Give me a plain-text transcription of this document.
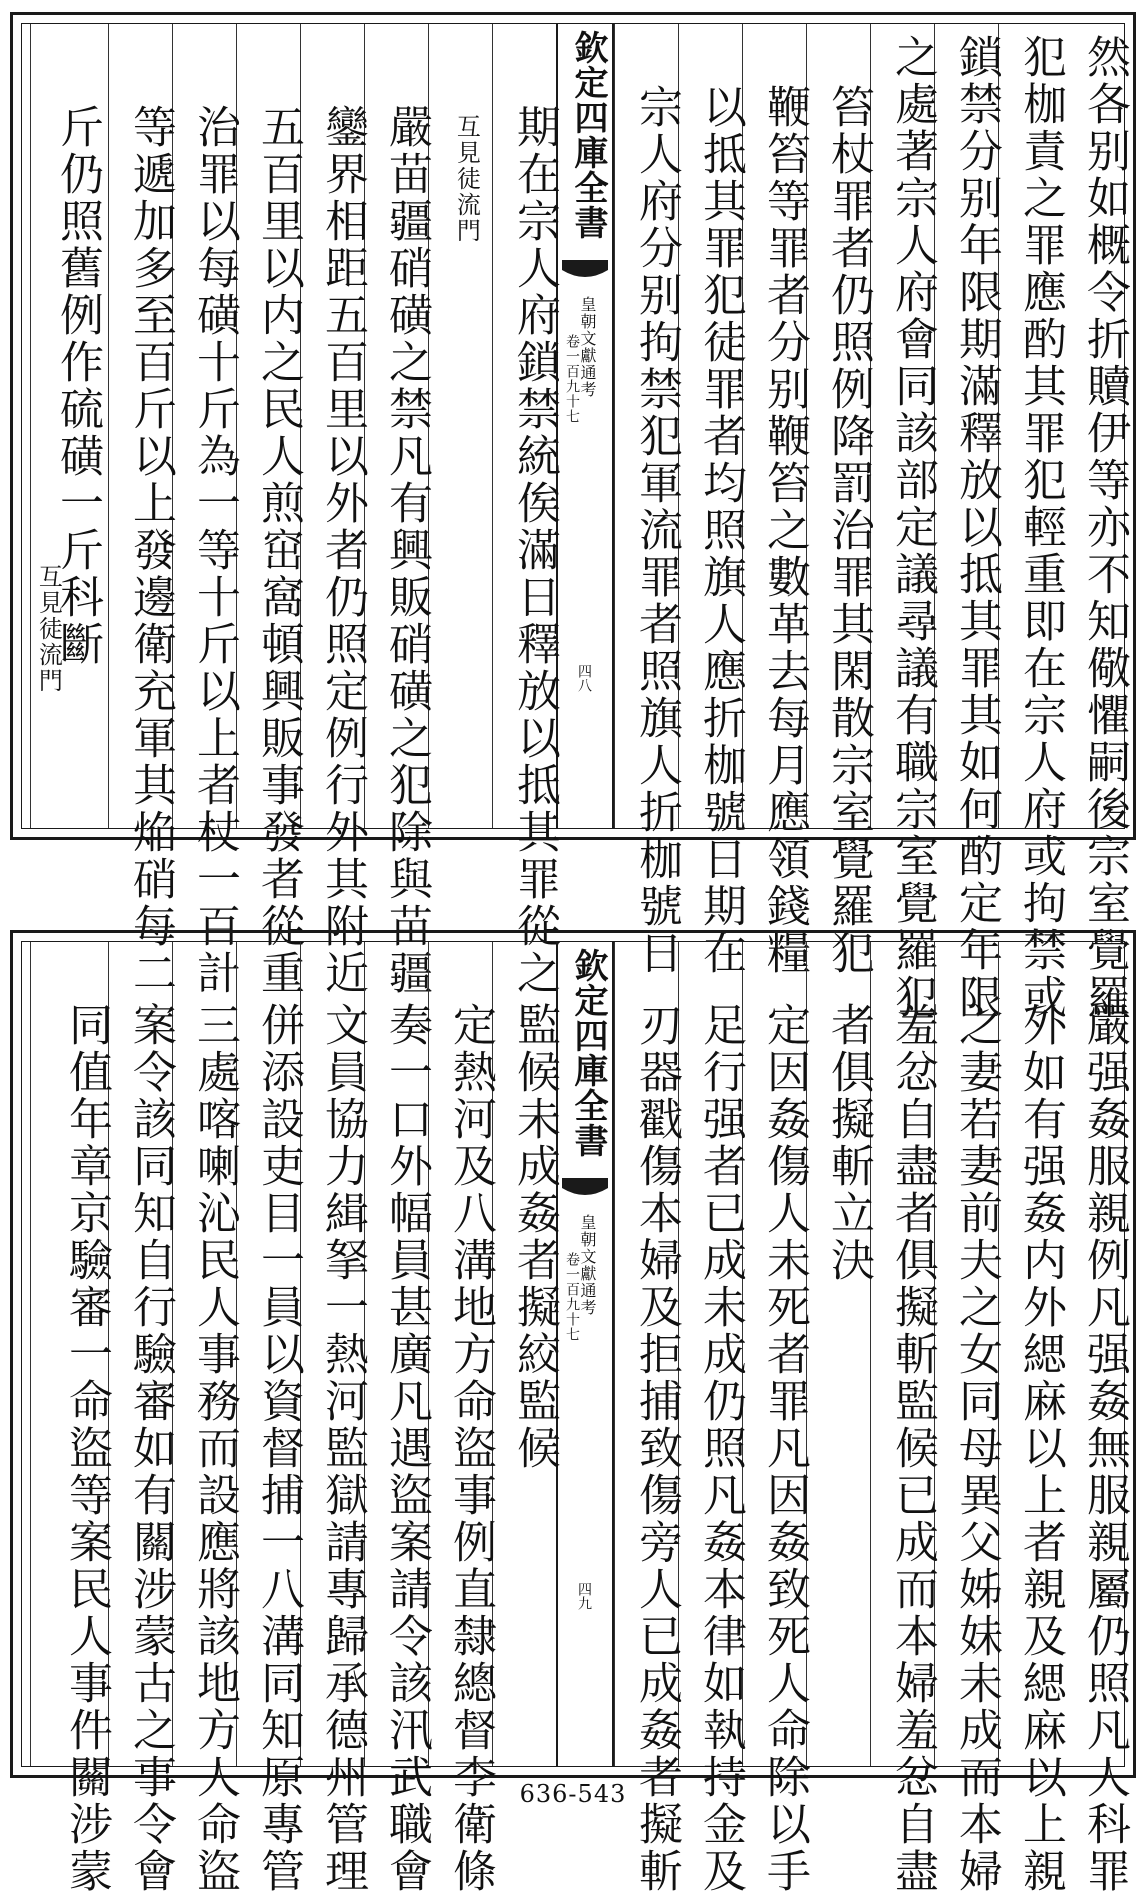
然各别如概令折贖伊等亦不知儆懼嗣後宗室覺羅
犯枷責之罪應酌其罪犯輕重即在宗人府或拘禁或
鎖禁分别年限期滿釋放以抵其罪其如何酌定年限
之處著宗人府會同該部定議尋議有職宗室覺羅犯
笞杖罪者仍照例降罰治罪其閑散宗室覺羅犯
鞭笞等罪者分别鞭笞之數革去每月應領錢糧
以抵其罪犯徒罪者均照旗人應折枷號日期在
宗人府分别拘禁犯軍流罪者照旗人折枷號日
欽定四庫全書
皇朝文獻通考
卷一百九十七
四八
期在宗人府鎖禁統俟滿日釋放以抵其罪從之
互見徒流門
嚴苗疆硝磺之禁凡有興販硝磺之犯除與苗疆
鑾界相距五百里以外者仍照定例行外其附近
五百里以内之民人煎窋窩頓興販事發者從重
治罪以每磺十斤為一等十斤以上者杖一百計
等遞加多至百斤以上發邊衛充軍其焔硝每二
斤仍照舊例作硫磺一斤科斷
互見徒流門
嚴强姦服親例凡强姦無服親屬仍照凡人科罪
外如有强姦内外緦麻以上者親及緦麻以上親
之妻若妻前夫之女同母異父姊妹未成而本婦
羞忿自盡者俱擬斬監候已成而本婦羞忿自盡
者俱擬斬立決
定因姦傷人未死者罪凡因姦致死人命除以手
足行强者已成未成仍照凡姦本律如執持金及
刃器戳傷本婦及拒捕致傷旁人已成姦者擬斬
欽定四庫全書
皇朝文獻通考
卷一百九十七
四九
監候未成姦者擬絞監候
定熱河及八溝地方命盜事例直隸總督李衛條
奏一口外幅員甚廣凡遇盜案請令該汛武職會
文員協力緝拏一熱河監獄請專歸承德州管理
併添設吏目一員以資督捕一八溝同知原專管
三處喀喇沁民人事務而設應將該地方人命盜
案令該同知自行驗審如有關涉蒙古之事令會
同值年章京驗審一命盜等案民人事件關涉蒙	636-543
